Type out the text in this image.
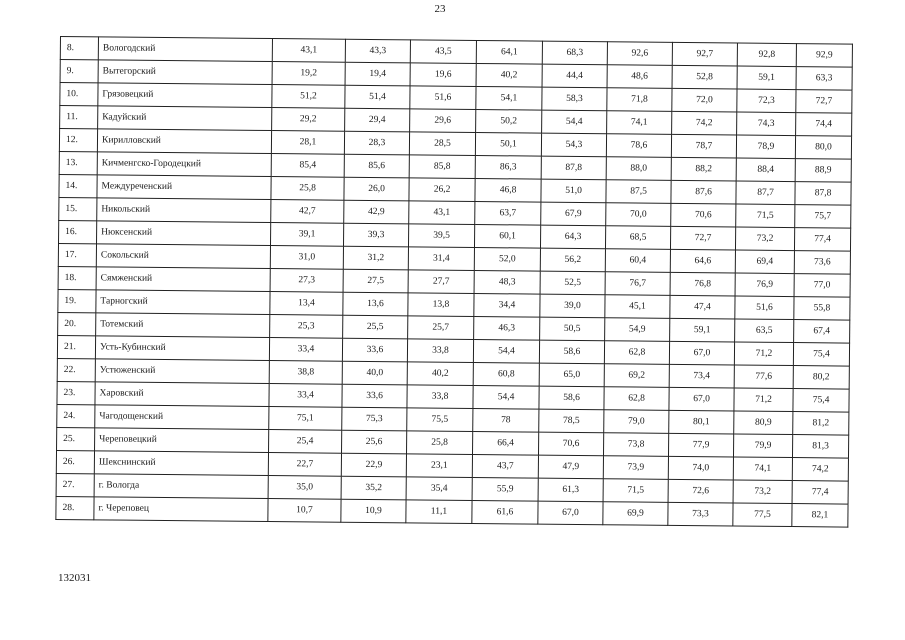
23
8.	Вологодский	43,1	43,3	43,5	64,1	68,3	92,6	92,7	92,8	92,9
9.	Вытегорский	19,2	19,4	19,6	40,2	44,4	48,6	52,8	59,1	63,3
10.	Грязовецкий	51,2	51,4	51,6	54,1	58,3	71,8	72,0	72,3	72,7
11.	Кадуйский	29,2	29,4	29,6	50,2	54,4	74,1	74,2	74,3	74,4
12.	Кирилловский	28,1	28,3	28,5	50,1	54,3	78,6	78,7	78,9	80,0
13.	Кичменгско-Городецкий	85,4	85,6	85,8	86,3	87,8	88,0	88,2	88,4	88,9
14.	Междуреченский	25,8	26,0	26,2	46,8	51,0	87,5	87,6	87,7	87,8
15.	Никольский	42,7	42,9	43,1	63,7	67,9	70,0	70,6	71,5	75,7
16.	Нюксенский	39,1	39,3	39,5	60,1	64,3	68,5	72,7	73,2	77,4
17.	Сокольский	31,0	31,2	31,4	52,0	56,2	60,4	64,6	69,4	73,6
18.	Сямженский	27,3	27,5	27,7	48,3	52,5	76,7	76,8	76,9	77,0
19.	Тарногский	13,4	13,6	13,8	34,4	39,0	45,1	47,4	51,6	55,8
20.	Тотемский	25,3	25,5	25,7	46,3	50,5	54,9	59,1	63,5	67,4
21.	Усть-Кубинский	33,4	33,6	33,8	54,4	58,6	62,8	67,0	71,2	75,4
22.	Устюженский	38,8	40,0	40,2	60,8	65,0	69,2	73,4	77,6	80,2
23.	Харовский	33,4	33,6	33,8	54,4	58,6	62,8	67,0	71,2	75,4
24.	Чагодощенский	75,1	75,3	75,5	78	78,5	79,0	80,1	80,9	81,2
25.	Череповецкий	25,4	25,6	25,8	66,4	70,6	73,8	77,9	79,9	81,3
26.	Шекснинский	22,7	22,9	23,1	43,7	47,9	73,9	74,0	74,1	74,2
27.	г. Вологда	35,0	35,2	35,4	55,9	61,3	71,5	72,6	73,2	77,4
28.	г. Череповец	10,7	10,9	11,1	61,6	67,0	69,9	73,3	77,5	82,1
132031
